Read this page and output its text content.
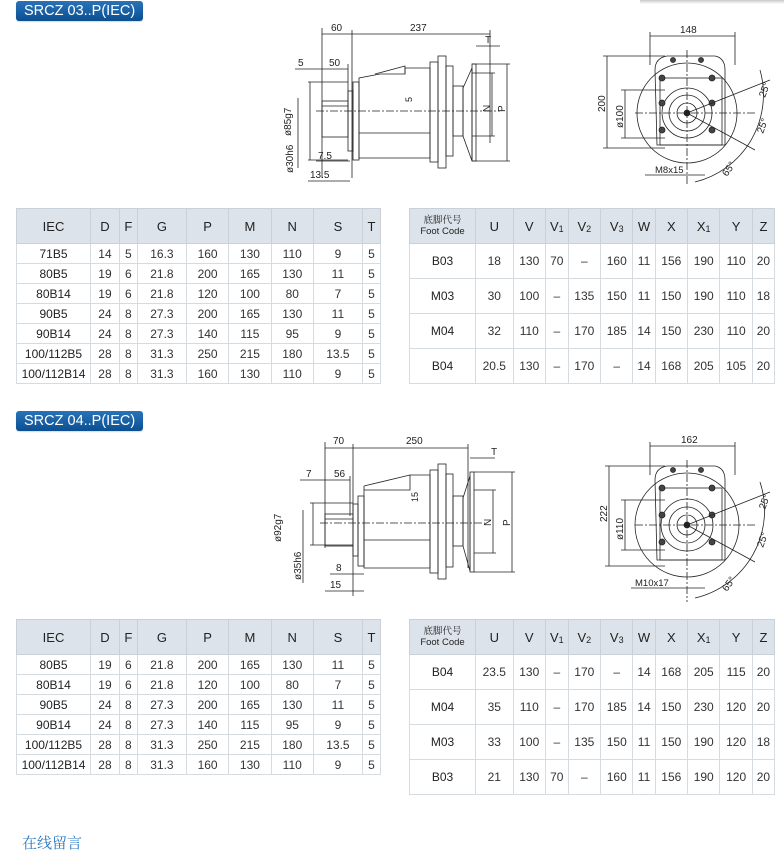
SRCZ 03..P(IEC)
60	237
5	50
ø85g7
ø30h6 7.5
13.5
5
T
N P
148
200
ø100
25°
25°
65°
M8x15
IEC	D	F	G	P	M	N	S	T
71B5	14	5	16.3	160	130	110	9	5
80B5	19	6	21.8	200	165	130	11	5
80B14	19	6	21.8	120	100	80	7	5
90B5	24	8	27.3	200	165	130	11	5
90B14	24	8	27.3	140	115	95	9	5
100/112B5	28	8	31.3	250	215	180	13.5	5
100/112B14	28	8	31.3	160	130	110	9	5
底脚代号
Foot Code	U	V	$V_1$	$V_2$	$V_3$	W	X	$X_1$	Y	Z
B03	18	130	70	–	160	11	156	190	110	20
M03	30	100	–	135	150	11	150	190	110	18
M04	32	110	–	170	185	14	150	230	110	20
B04	20.5	130	–	170	–	14	168	205	105	20
SRCZ 04..P(IEC)
70	250
7 56
ø92g7
ø35h6	8
15
15
T
N P
162
222
ø110
25°
25°
65°
M10x17
IEC	D	F	G	P	M	N	S	T
80B5	19	6	21.8	200	165	130	11	5
80B14	19	6	21.8	120	100	80	7	5
90B5	24	8	27.3	200	165	130	11	5
90B14	24	8	27.3	140	115	95	9	5
100/112B5	28	8	31.3	250	215	180	13.5	5
100/112B14	28	8	31.3	160	130	110	9	5
底脚代号
Foot Code	U	V	$V_1$	$V_2$	$V_3$	W	X	$X_1$	Y	Z
B04	23.5	130	–	170	–	14	168	205	115	20
M04	35	110	–	170	185	14	150	230	120	20
M03	33	100	–	135	150	11	150	190	120	18
B03	21	130	70	–	160	11	156	190	120	20
在线留言
